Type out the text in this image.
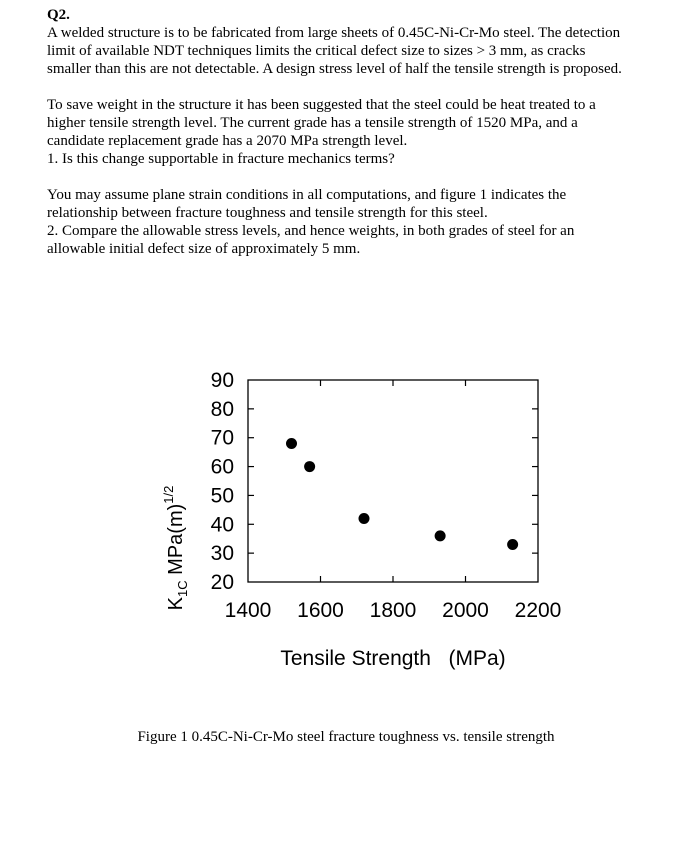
Q2.

A welded structure is to be fabricated from large sheets of 0.45C-Ni-Cr-Mo steel. The detection
limit of available NDT techniques limits the critical defect size to sizes > 3 mm, as cracks
smaller than this are not detectable. A design stress level of half the tensile strength is proposed.

To save weight in the structure it has been suggested that the steel could be heat treated to a
higher tensile strength level. The current grade has a tensile strength of 1520 MPa, and a
candidate replacement grade has a 2070 MPa strength level.
1. Is this change supportable in fracture mechanics terms?

You may assume plane strain conditions in all computations, and figure 1 indicates the
relationship between fracture toughness and tensile strength for this steel.
2. Compare the allowable stress levels, and hence weights, in both grades of steel for an
allowable initial defect size of approximately 5 mm.

90
80
70
60
50
40
30
20
1400 1600 1800 2000 2200
$K_{1C}$ $MPa(m)^{1/2}$
Tensile Strength   (MPa)

Figure 1 0.45C-Ni-Cr-Mo steel fracture toughness vs. tensile strength
